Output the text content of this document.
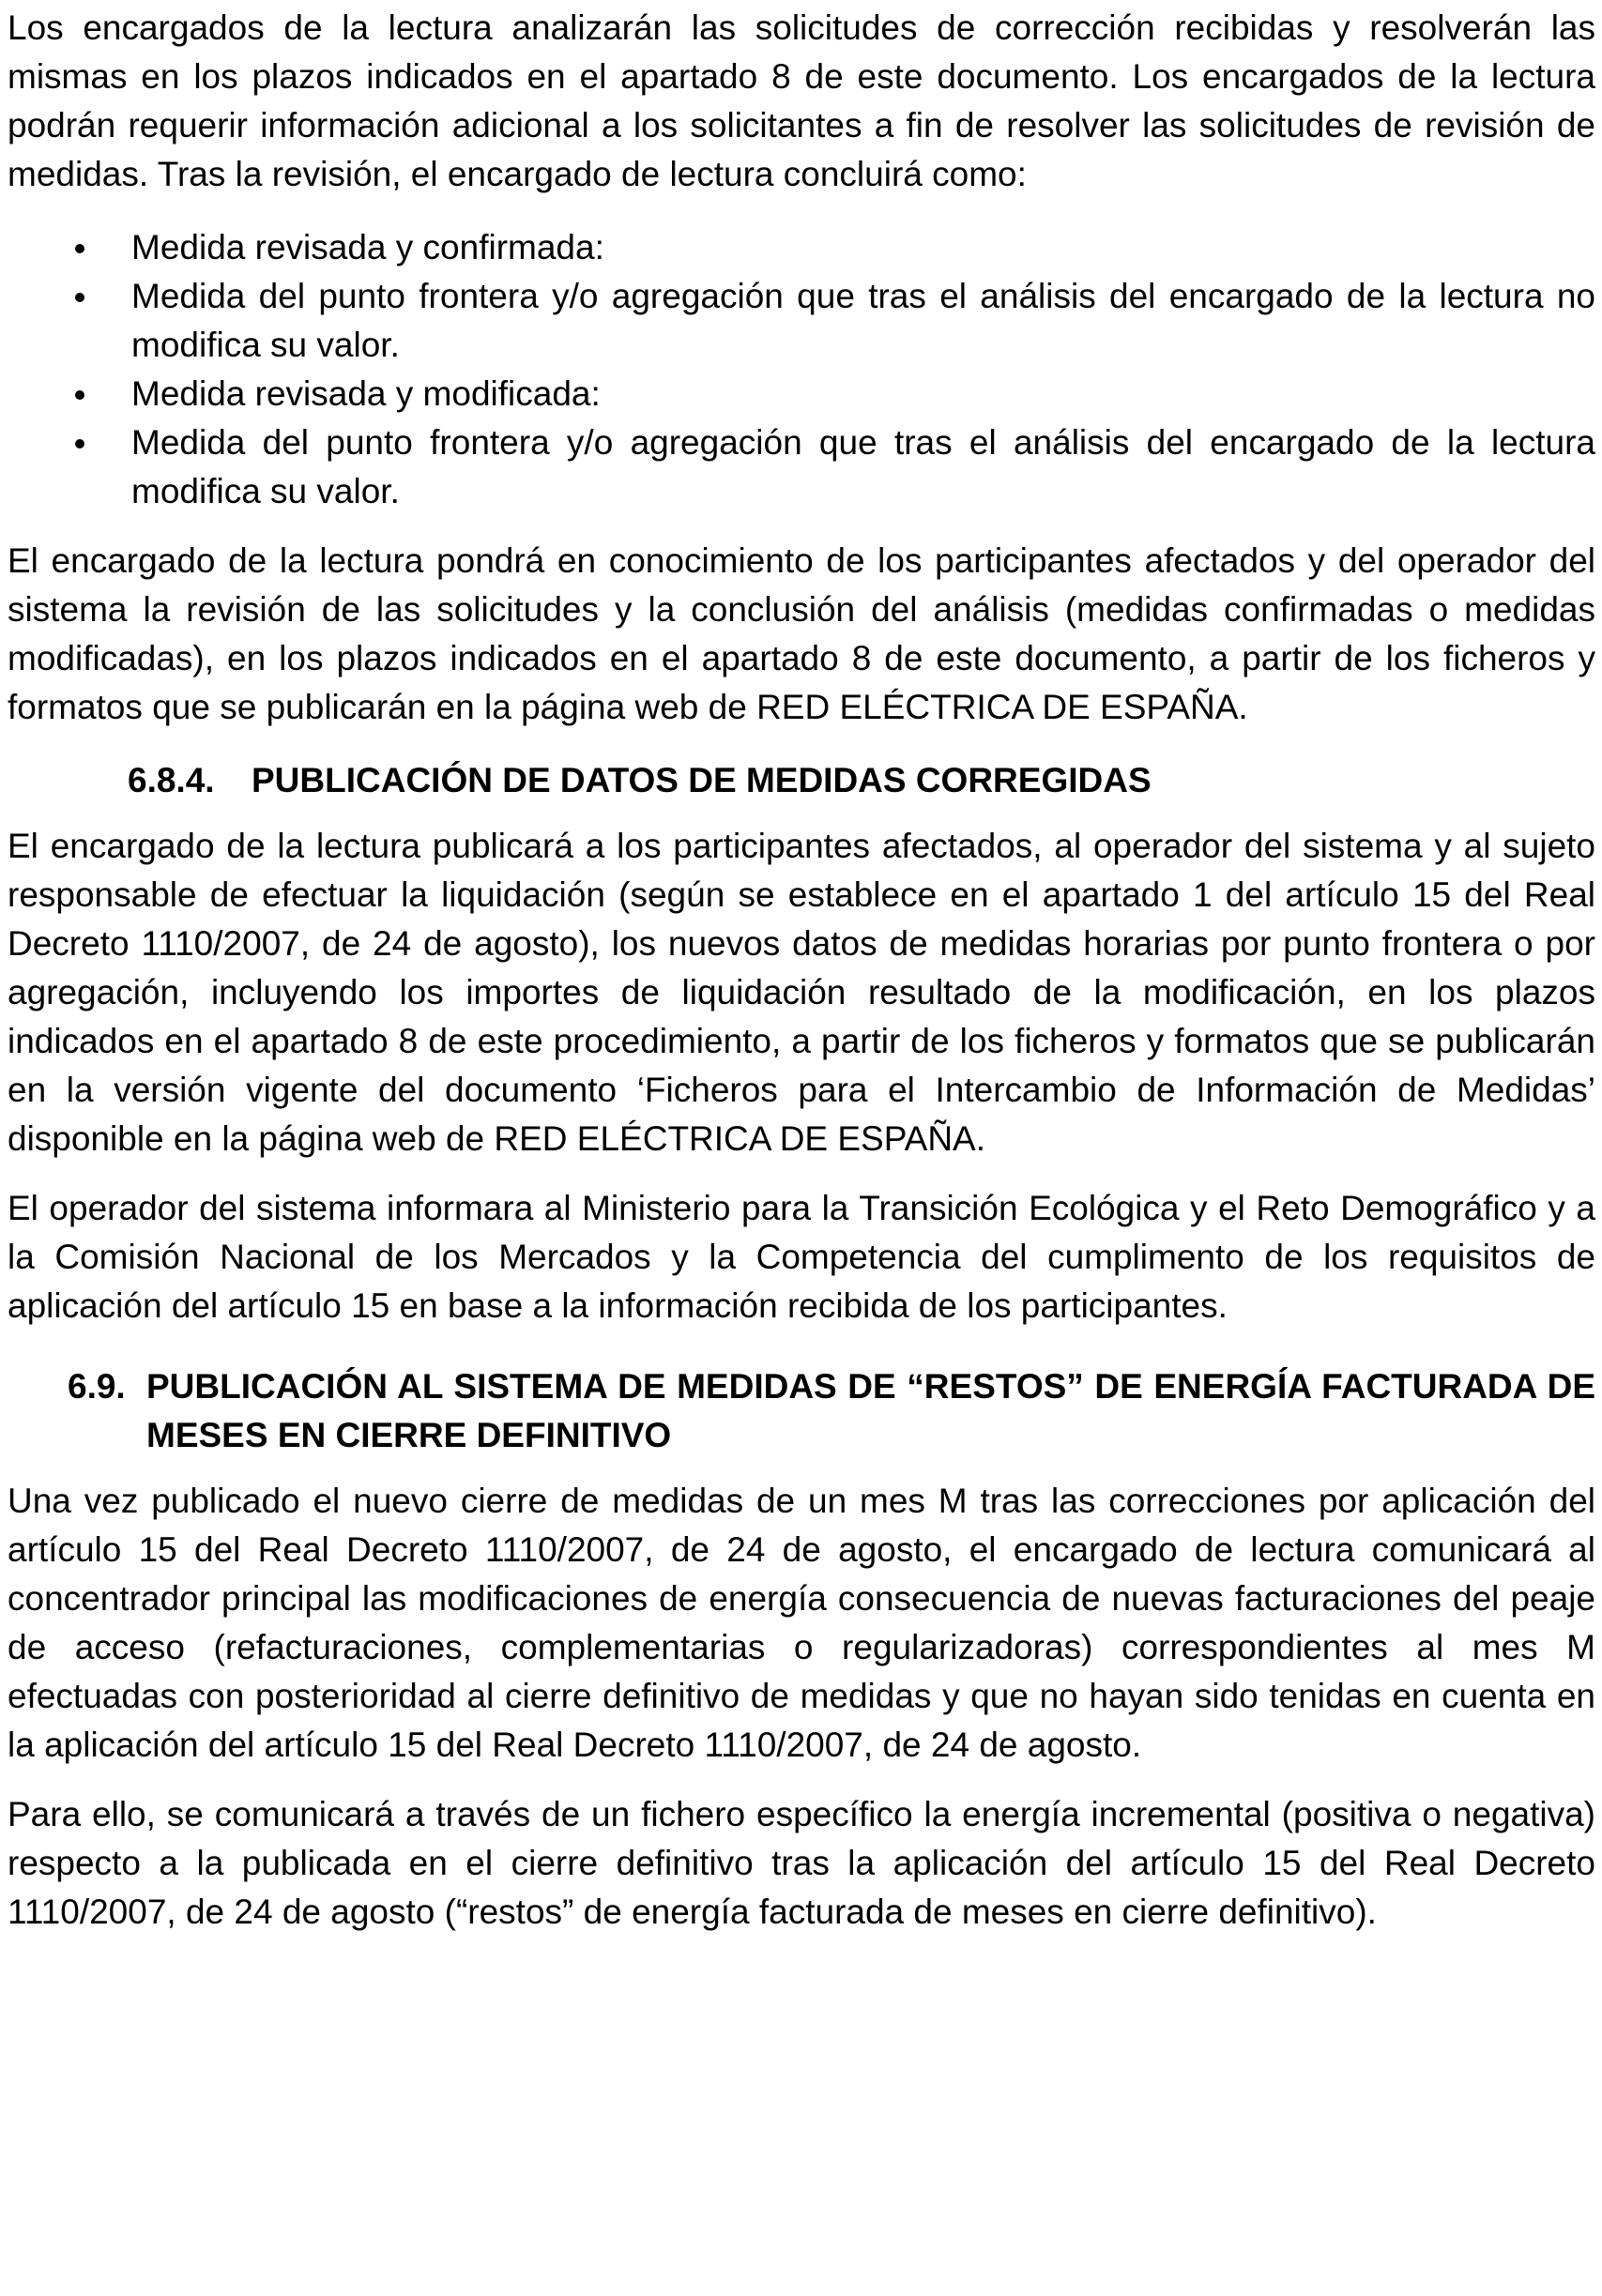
Los encargados de la lectura analizarán las solicitudes de corrección recibidas y resolverán las mismas en los plazos indicados en el apartado 8 de este documento. Los encargados de la lectura podrán requerir información adicional a los solicitantes a fin de resolver las solicitudes de revisión de medidas. Tras la revisión, el encargado de lectura concluirá como:

Medida revisada y confirmada:
Medida del punto frontera y/o agregación que tras el análisis del encargado de la lectura no modifica su valor.
Medida revisada y modificada:
Medida del punto frontera y/o agregación que tras el análisis del encargado de la lectura modifica su valor.

El encargado de la lectura pondrá en conocimiento de los participantes afectados y del operador del sistema la revisión de las solicitudes y la conclusión del análisis (medidas confirmadas o medidas modificadas), en los plazos indicados en el apartado 8 de este documento, a partir de los ficheros y formatos que se publicarán en la página web de RED ELÉCTRICA DE ESPAÑA.

6.8.4. PUBLICACIÓN DE DATOS DE MEDIDAS CORREGIDAS

El encargado de la lectura publicará a los participantes afectados, al operador del sistema y al sujeto responsable de efectuar la liquidación (según se establece en el apartado 1 del artículo 15 del Real Decreto 1110/2007, de 24 de agosto), los nuevos datos de medidas horarias por punto frontera o por agregación, incluyendo los importes de liquidación resultado de la modificación, en los plazos indicados en el apartado 8 de este procedimiento, a partir de los ficheros y formatos que se publicarán en la versión vigente del documento ‘Ficheros para el Intercambio de Información de Medidas’ disponible en la página web de RED ELÉCTRICA DE ESPAÑA.

El operador del sistema informara al Ministerio para la Transición Ecológica y el Reto Demográfico y a la Comisión Nacional de los Mercados y la Competencia del cumplimento de los requisitos de aplicación del artículo 15 en base a la información recibida de los participantes.

6.9. PUBLICACIÓN AL SISTEMA DE MEDIDAS DE “RESTOS” DE ENERGÍA FACTURADA DE MESES EN CIERRE DEFINITIVO

Una vez publicado el nuevo cierre de medidas de un mes M tras las correcciones por aplicación del artículo 15 del Real Decreto 1110/2007, de 24 de agosto, el encargado de lectura comunicará al concentrador principal las modificaciones de energía consecuencia de nuevas facturaciones del peaje de acceso (refacturaciones, complementarias o regularizadoras) correspondientes al mes M efectuadas con posterioridad al cierre definitivo de medidas y que no hayan sido tenidas en cuenta en la aplicación del artículo 15 del Real Decreto 1110/2007, de 24 de agosto.

Para ello, se comunicará a través de un fichero específico la energía incremental (positiva o negativa) respecto a la publicada en el cierre definitivo tras la aplicación del artículo 15 del Real Decreto 1110/2007, de 24 de agosto (“restos” de energía facturada de meses en cierre definitivo).
